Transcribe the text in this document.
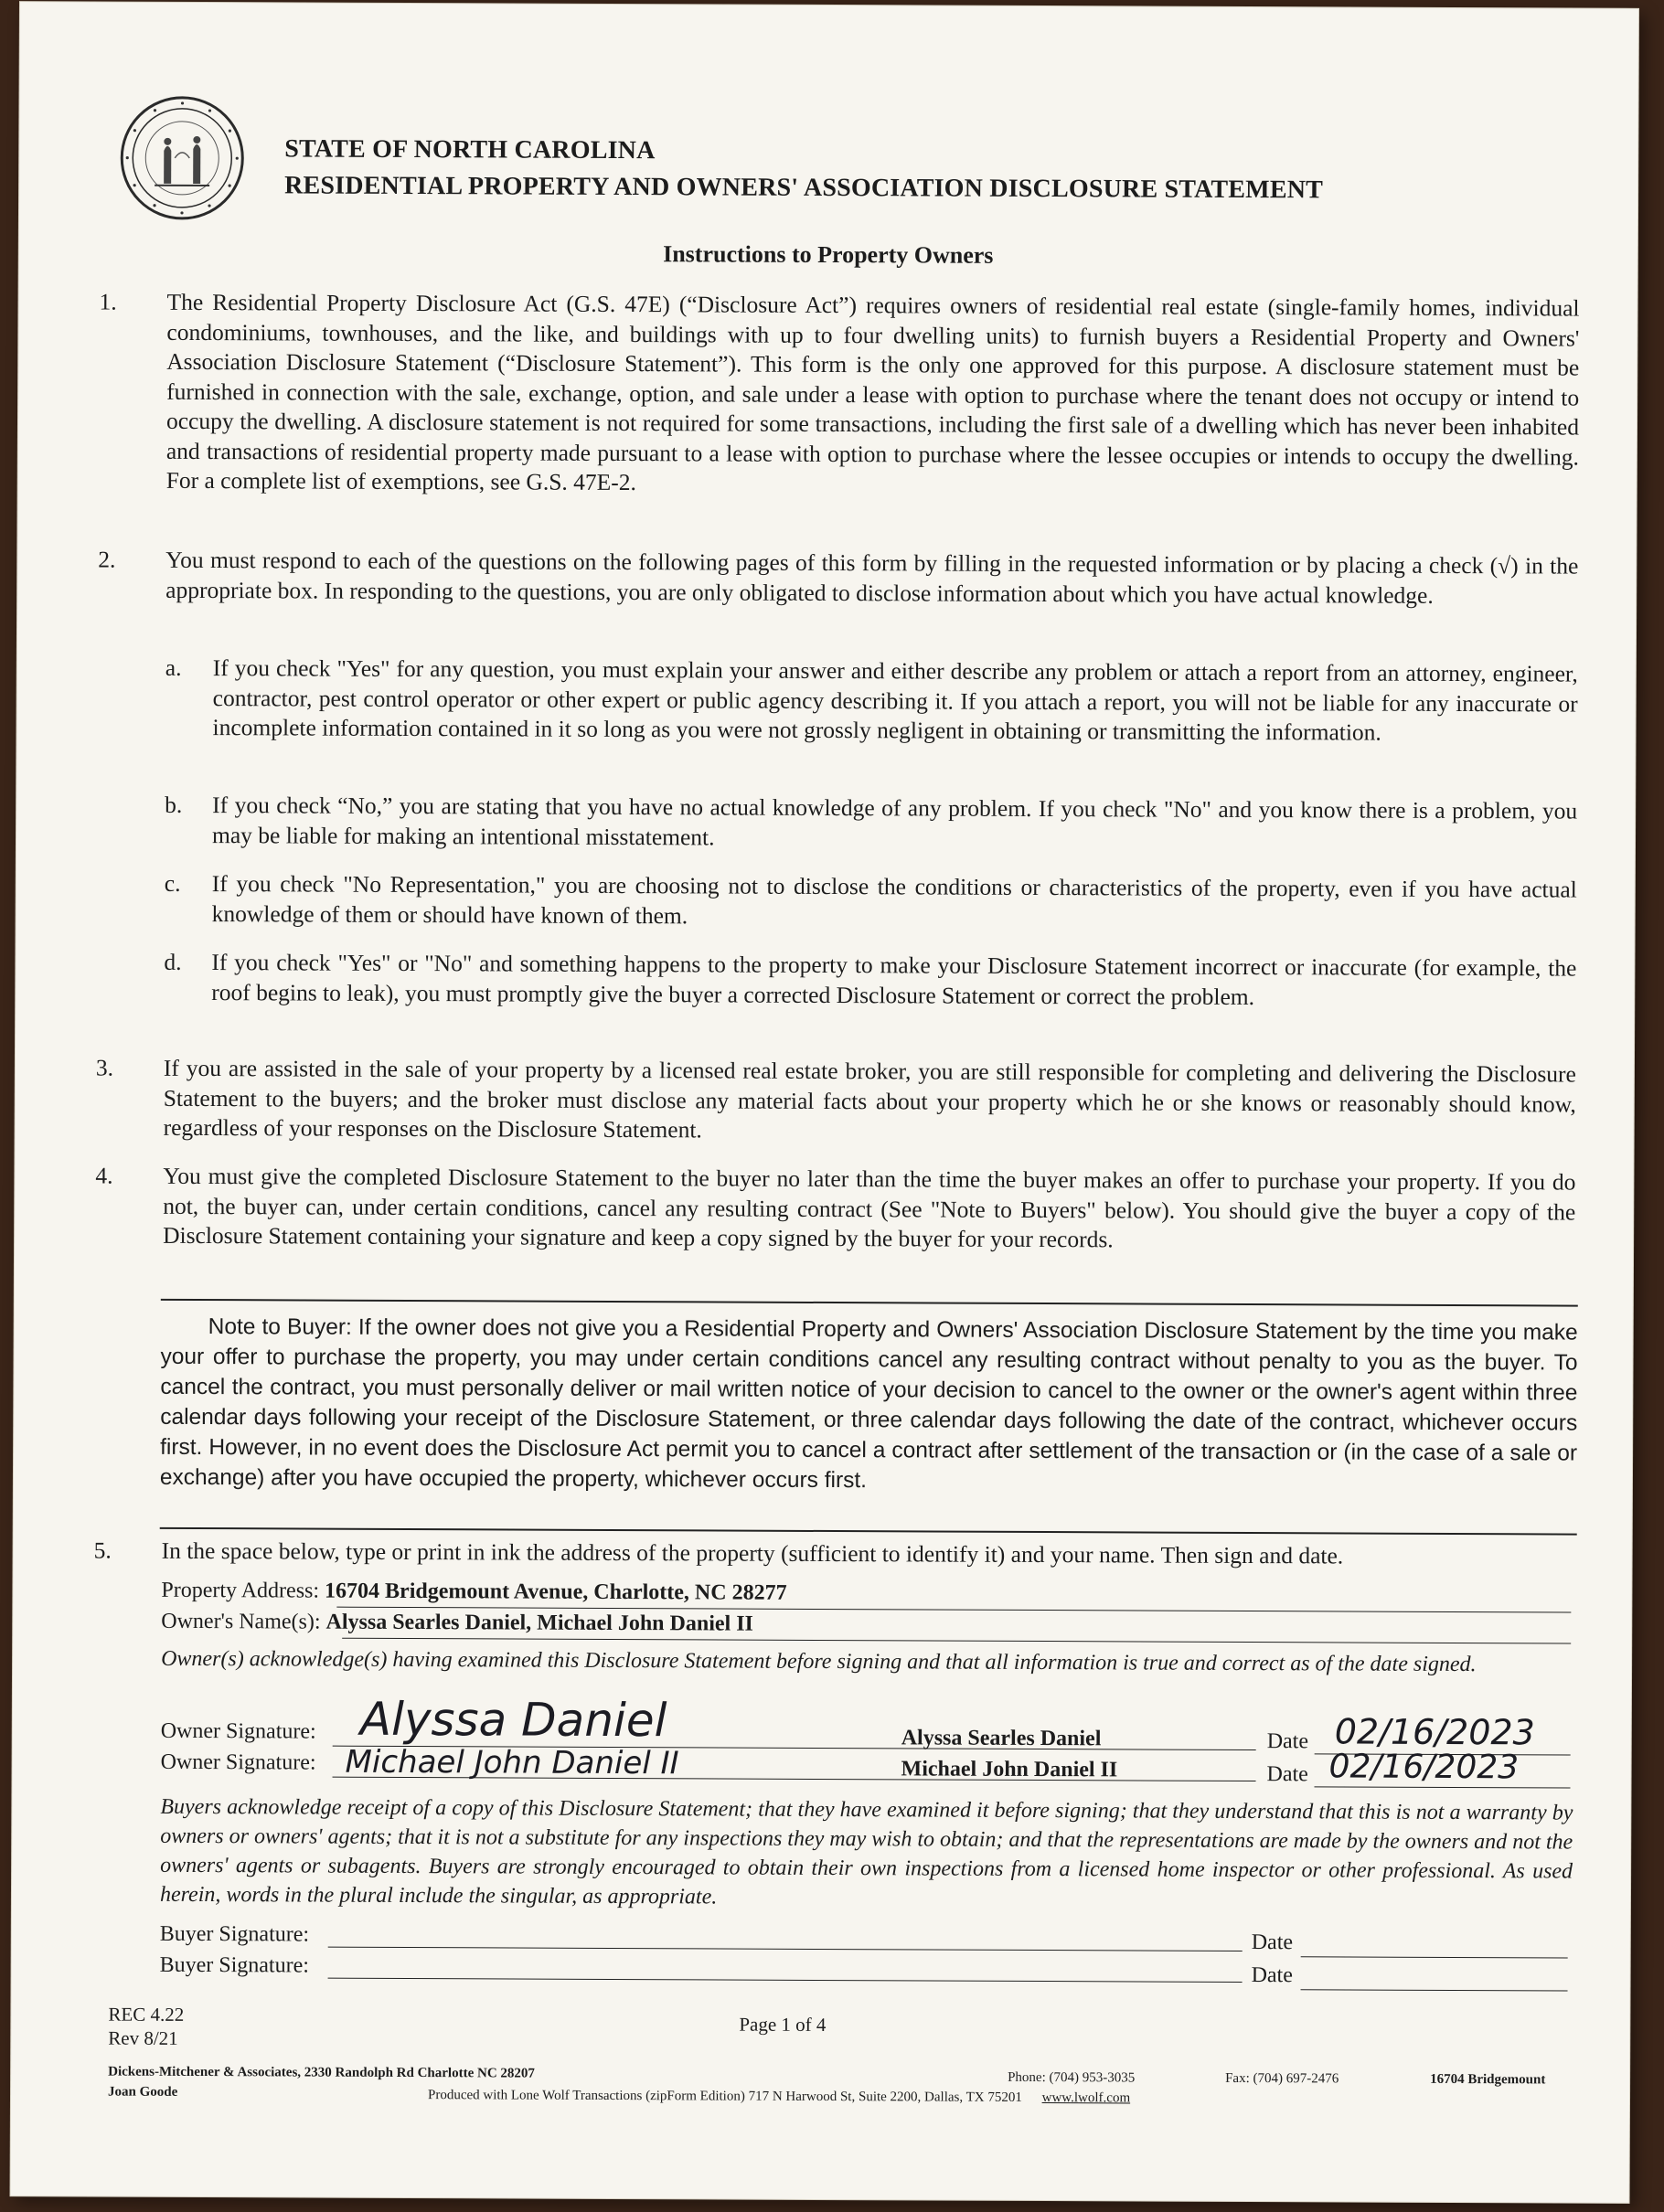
STATE OF NORTH CAROLINA
RESIDENTIAL PROPERTY AND OWNERS' ASSOCIATION DISCLOSURE STATEMENT
Instructions to Property Owners
1. The Residential Property Disclosure Act (G.S. 47E) (“Disclosure Act”) requires owners of residential real estate (single-family homes, individual condominiums, townhouses, and the like, and buildings with up to four dwelling units) to furnish buyers a Residential Property and Owners' Association Disclosure Statement (“Disclosure Statement”). This form is the only one approved for this purpose. A disclosure statement must be furnished in connection with the sale, exchange, option, and sale under a lease with option to purchase where the tenant does not occupy or intend to occupy the dwelling. A disclosure statement is not required for some transactions, including the first sale of a dwelling which has never been inhabited and transactions of residential property made pursuant to a lease with option to purchase where the lessee occupies or intends to occupy the dwelling. For a complete list of exemptions, see G.S. 47E-2.
2. You must respond to each of the questions on the following pages of this form by filling in the requested information or by placing a check (√) in the appropriate box. In responding to the questions, you are only obligated to disclose information about which you have actual knowledge.
a. If you check "Yes" for any question, you must explain your answer and either describe any problem or attach a report from an attorney, engineer, contractor, pest control operator or other expert or public agency describing it. If you attach a report, you will not be liable for any inaccurate or incomplete information contained in it so long as you were not grossly negligent in obtaining or transmitting the information.
b. If you check “No,” you are stating that you have no actual knowledge of any problem. If you check "No" and you know there is a problem, you may be liable for making an intentional misstatement.
c. If you check "No Representation," you are choosing not to disclose the conditions or characteristics of the property, even if you have actual knowledge of them or should have known of them.
d. If you check "Yes" or "No" and something happens to the property to make your Disclosure Statement incorrect or inaccurate (for example, the roof begins to leak), you must promptly give the buyer a corrected Disclosure Statement or correct the problem.
3. If you are assisted in the sale of your property by a licensed real estate broker, you are still responsible for completing and delivering the Disclosure Statement to the buyers; and the broker must disclose any material facts about your property which he or she knows or reasonably should know, regardless of your responses on the Disclosure Statement.
4. You must give the completed Disclosure Statement to the buyer no later than the time the buyer makes an offer to purchase your property. If you do not, the buyer can, under certain conditions, cancel any resulting contract (See "Note to Buyers" below). You should give the buyer a copy of the Disclosure Statement containing your signature and keep a copy signed by the buyer for your records.
Note to Buyer: If the owner does not give you a Residential Property and Owners' Association Disclosure Statement by the time you make your offer to purchase the property, you may under certain conditions cancel any resulting contract without penalty to you as the buyer. To cancel the contract, you must personally deliver or mail written notice of your decision to cancel to the owner or the owner's agent within three calendar days following your receipt of the Disclosure Statement, or three calendar days following the date of the contract, whichever occurs first. However, in no event does the Disclosure Act permit you to cancel a contract after settlement of the transaction or (in the case of a sale or exchange) after you have occupied the property, whichever occurs first.
5. In the space below, type or print in ink the address of the property (sufficient to identify it) and your name. Then sign and date.
Property Address: 16704 Bridgemount Avenue, Charlotte, NC 28277
Owner's Name(s): Alyssa Searles Daniel, Michael John Daniel II
Owner(s) acknowledge(s) having examined this Disclosure Statement before signing and that all information is true and correct as of the date signed.
Owner Signature: Alyssa Daniel	Alyssa Searles Daniel	Date 02/16/2023
Owner Signature: Michael John Daniel II	Michael John Daniel II	Date 02/16/2023
Buyers acknowledge receipt of a copy of this Disclosure Statement; that they have examined it before signing; that they understand that this is not a warranty by owners or owners' agents; that it is not a substitute for any inspections they may wish to obtain; and that the representations are made by the owners and not the owners' agents or subagents. Buyers are strongly encouraged to obtain their own inspections from a licensed home inspector or other professional. As used herein, words in the plural include the singular, as appropriate.
Buyer Signature:	Date
Buyer Signature:	Date
REC 4.22
Rev 8/21
Page 1 of 4
Dickens-Mitchener & Associates, 2330 Randolph Rd Charlotte NC 28207
Joan Goode
Phone: (704) 953-3035	Fax: (704) 697-2476	16704 Bridgemount
Produced with Lone Wolf Transactions (zipForm Edition) 717 N Harwood St, Suite 2200, Dallas, TX 75201 www.lwolf.com
